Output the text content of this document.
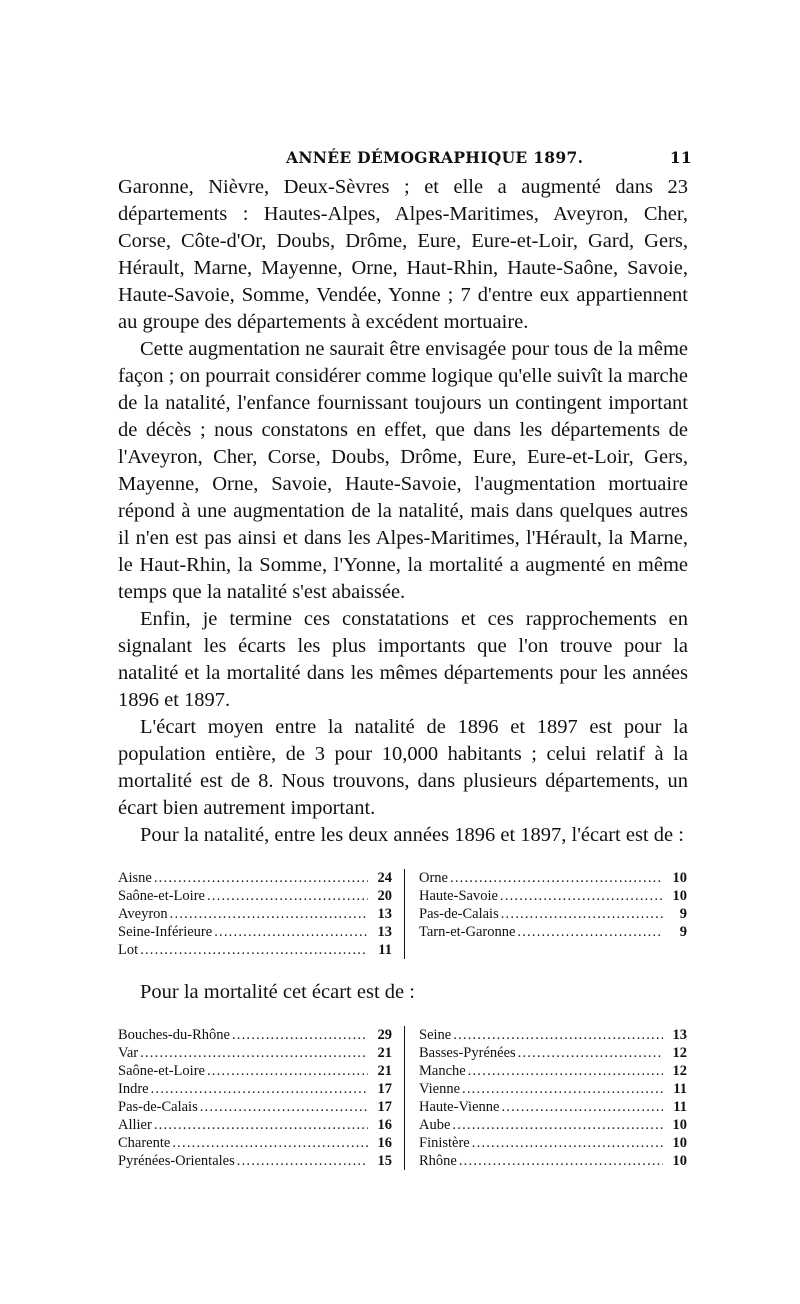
ANNÉE DÉMOGRAPHIQUE 1897.	11

Garonne, Nièvre, Deux-Sèvres ; et elle a augmenté dans 23 départements : Hautes-Alpes, Alpes-Maritimes, Aveyron, Cher, Corse, Côte-d'Or, Doubs, Drôme, Eure, Eure-et-Loir, Gard, Gers, Hérault, Marne, Mayenne, Orne, Haut-Rhin, Haute-Saône, Savoie, Haute-Savoie, Somme, Vendée, Yonne ; 7 d'entre eux appartiennent au groupe des départements à excédent mortuaire.

Cette augmentation ne saurait être envisagée pour tous de la même façon ; on pourrait considérer comme logique qu'elle suivît la marche de la natalité, l'enfance fournissant toujours un contingent important de décès ; nous constatons en effet, que dans les départements de l'Aveyron, Cher, Corse, Doubs, Drôme, Eure, Eure-et-Loir, Gers, Mayenne, Orne, Savoie, Haute-Savoie, l'augmentation mortuaire répond à une augmentation de la natalité, mais dans quelques autres il n'en est pas ainsi et dans les Alpes-Maritimes, l'Hérault, la Marne, le Haut-Rhin, la Somme, l'Yonne, la mortalité a augmenté en même temps que la natalité s'est abaissée.

Enfin, je termine ces constatations et ces rapprochements en signalant les écarts les plus importants que l'on trouve pour la natalité et la mortalité dans les mêmes départements pour les années 1896 et 1897.

L'écart moyen entre la natalité de 1896 et 1897 est pour la population entière, de 3 pour 10,000 habitants ; celui relatif à la mortalité est de 8. Nous trouvons, dans plusieurs départements, un écart bien autrement important.

Pour la natalité, entre les deux années 1896 et 1897, l'écart est de :

Aisne .....	24
Saône-et-Loire .....	20
Aveyron .....	13
Seine-Inférieure .....	13
Lot .....	11
Orne .....	10
Haute-Savoie .....	10
Pas-de-Calais .....	9
Tarn-et-Garonne .....	9

Pour la mortalité cet écart est de :

Bouches-du-Rhône .....	29
Var .....	21
Saône-et-Loire .....	21
Indre .....	17
Pas-de-Calais .....	17
Allier .....	16
Charente .....	16
Pyrénées-Orientales .....	15
Seine .....	13
Basses-Pyrénées .....	12
Manche .....	12
Vienne .....	11
Haute-Vienne .....	11
Aube .....	10
Finistère .....	10
Rhône .....	10
